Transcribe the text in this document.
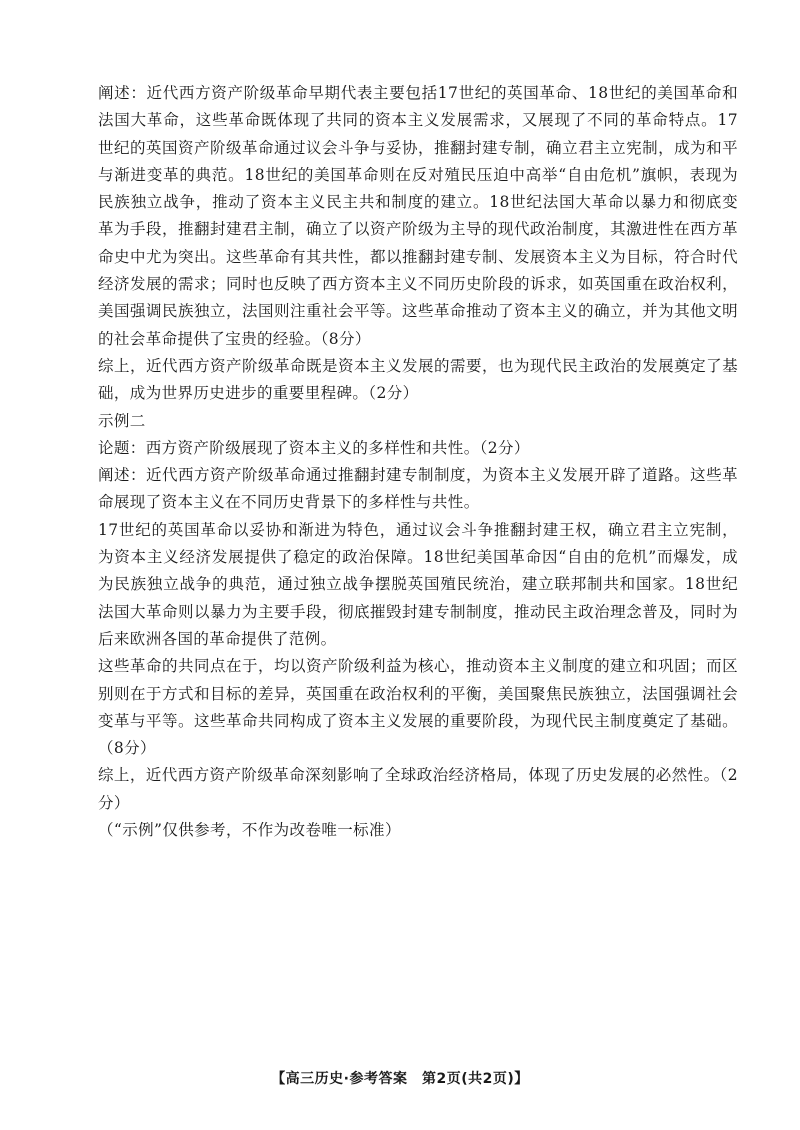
阐述：近代西方资产阶级革命早期代表主要包括17世纪的英国革命、18世纪的美国革命和法国大革命，这些革命既体现了共同的资本主义发展需求，又展现了不同的革命特点。17世纪的英国资产阶级革命通过议会斗争与妥协，推翻封建专制，确立君主立宪制，成为和平与渐进变革的典范。18世纪的美国革命则在反对殖民压迫中高举“自由危机”旗帜，表现为民族独立战争，推动了资本主义民主共和制度的建立。18世纪法国大革命以暴力和彻底变革为手段，推翻封建君主制，确立了以资产阶级为主导的现代政治制度，其激进性在西方革命史中尤为突出。这些革命有其共性，都以推翻封建专制、发展资本主义为目标，符合时代经济发展的需求；同时也反映了西方资本主义不同历史阶段的诉求，如英国重在政治权利，美国强调民族独立，法国则注重社会平等。这些革命推动了资本主义的确立，并为其他文明的社会革命提供了宝贵的经验。（8分）

综上，近代西方资产阶级革命既是资本主义发展的需要，也为现代民主政治的发展奠定了基础，成为世界历史进步的重要里程碑。（2分）

示例二

论题：西方资产阶级展现了资本主义的多样性和共性。（2分）

阐述：近代西方资产阶级革命通过推翻封建专制制度，为资本主义发展开辟了道路。这些革命展现了资本主义在不同历史背景下的多样性与共性。

17世纪的英国革命以妥协和渐进为特色，通过议会斗争推翻封建王权，确立君主立宪制，为资本主义经济发展提供了稳定的政治保障。18世纪美国革命因“自由的危机”而爆发，成为民族独立战争的典范，通过独立战争摆脱英国殖民统治，建立联邦制共和国家。18世纪法国大革命则以暴力为主要手段，彻底摧毁封建专制制度，推动民主政治理念普及，同时为后来欧洲各国的革命提供了范例。

这些革命的共同点在于，均以资产阶级利益为核心，推动资本主义制度的建立和巩固；而区别则在于方式和目标的差异，英国重在政治权利的平衡，美国聚焦民族独立，法国强调社会变革与平等。这些革命共同构成了资本主义发展的重要阶段，为现代民主制度奠定了基础。（8分）

综上，近代西方资产阶级革命深刻影响了全球政治经济格局，体现了历史发展的必然性。（2分）

（“示例”仅供参考，不作为改卷唯一标准）

【高三历史·参考答案　第2页(共2页)】
